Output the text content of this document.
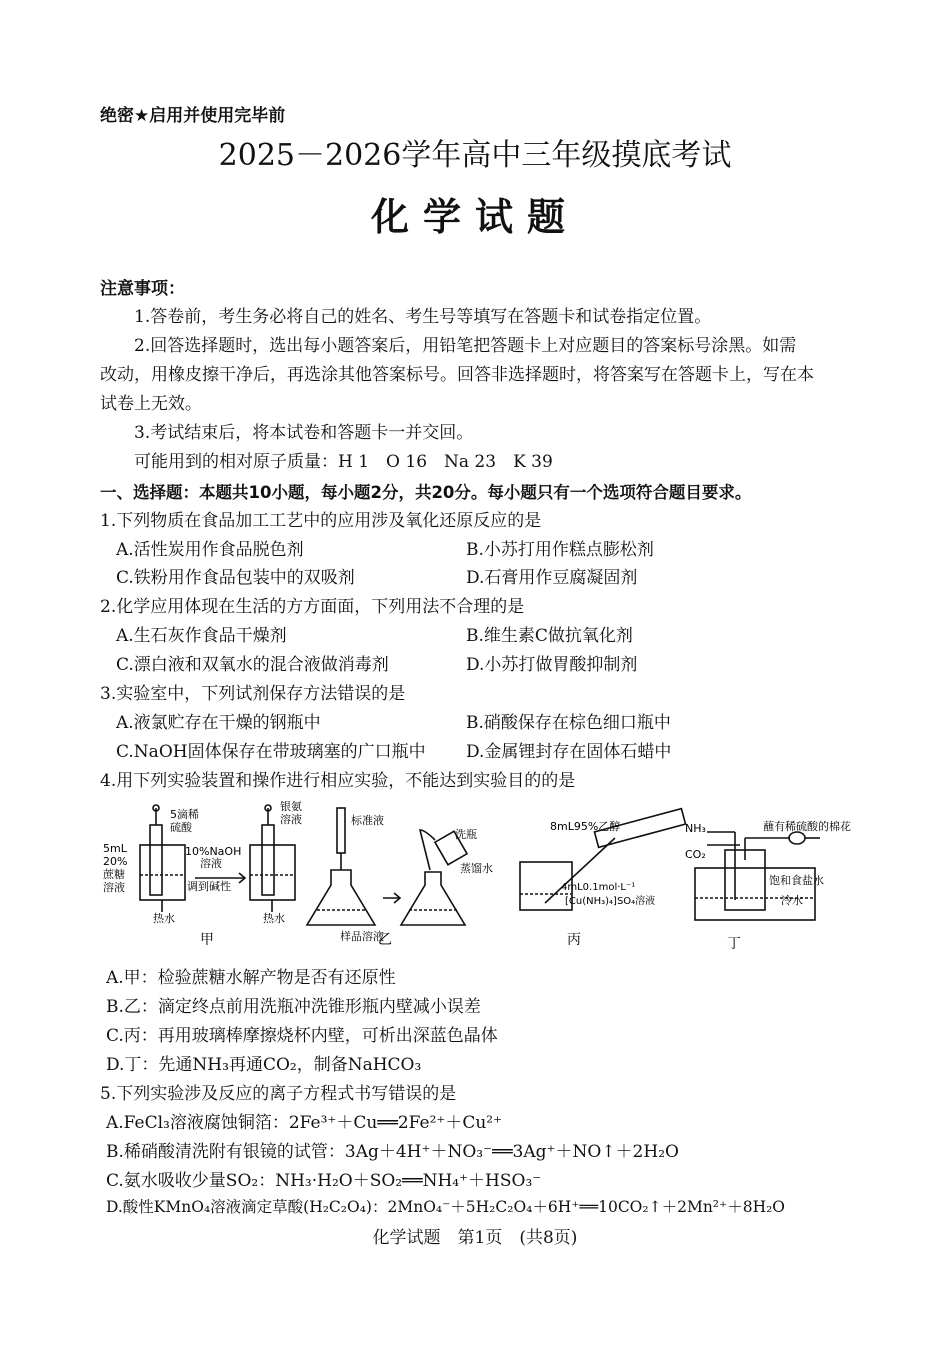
绝密★启用并使用完毕前
2025－2026学年高中三年级摸底考试
化学试题
注意事项：
1.答卷前，考生务必将自己的姓名、考生号等填写在答题卡和试卷指定位置。
2.回答选择题时，选出每小题答案后，用铅笔把答题卡上对应题目的答案标号涂黑。如需
改动，用橡皮擦干净后，再选涂其他答案标号。回答非选择题时，将答案写在答题卡上，写在本
试卷上无效。
3.考试结束后，将本试卷和答题卡一并交回。
可能用到的相对原子质量：H 1　O 16　Na 23　K 39
一、选择题：本题共10小题，每小题2分，共20分。每小题只有一个选项符合题目要求。
1.下列物质在食品加工工艺中的应用涉及氧化还原反应的是
A.活性炭用作食品脱色剂	B.小苏打用作糕点膨松剂
C.铁粉用作食品包装中的双吸剂	D.石膏用作豆腐凝固剂
2.化学应用体现在生活的方方面面，下列用法不合理的是
A.生石灰作食品干燥剂	B.维生素C做抗氧化剂
C.漂白液和双氧水的混合液做消毒剂	D.小苏打做胃酸抑制剂
3.实验室中，下列试剂保存方法错误的是
A.液氯贮存在干燥的钢瓶中	B.硝酸保存在棕色细口瓶中
C.NaOH固体保存在带玻璃塞的广口瓶中 D.金属锂封存在固体石蜡中
4.用下列实验装置和操作进行相应实验，不能达到实验目的的是
5滴稀
硫酸
10%NaOH
溶液
调到碱性
5mL
20%
蔗糖
溶液
热水	热水
银氨
溶液	标准液
洗瓶
蒸馏水
样品溶液
8mL95%乙醇
4mL0.1mol·L⁻¹
[Cu(NH₃)₄]SO₄溶液
NH₃
CO₂
蘸有稀硫酸的棉花
饱和食盐水
冷水
甲	乙	丙	丁
A.甲：检验蔗糖水解产物是否有还原性
B.乙：滴定终点前用洗瓶冲洗锥形瓶内壁减小误差
C.丙：再用玻璃棒摩擦烧杯内壁，可析出深蓝色晶体
D.丁：先通NH₃再通CO₂，制备NaHCO₃
5.下列实验涉及反应的离子方程式书写错误的是
A.FeCl₃溶液腐蚀铜箔：2Fe³⁺＋Cu══2Fe²⁺＋Cu²⁺
B.稀硝酸清洗附有银镜的试管：3Ag＋4H⁺＋NO₃⁻══3Ag⁺＋NO↑＋2H₂O
C.氨水吸收少量SO₂：NH₃·H₂O＋SO₂══NH₄⁺＋HSO₃⁻
D.酸性KMnO₄溶液滴定草酸(H₂C₂O₄)：2MnO₄⁻＋5H₂C₂O₄＋6H⁺══10CO₂↑＋2Mn²⁺＋8H₂O
化学试题　第1页　(共8页)
